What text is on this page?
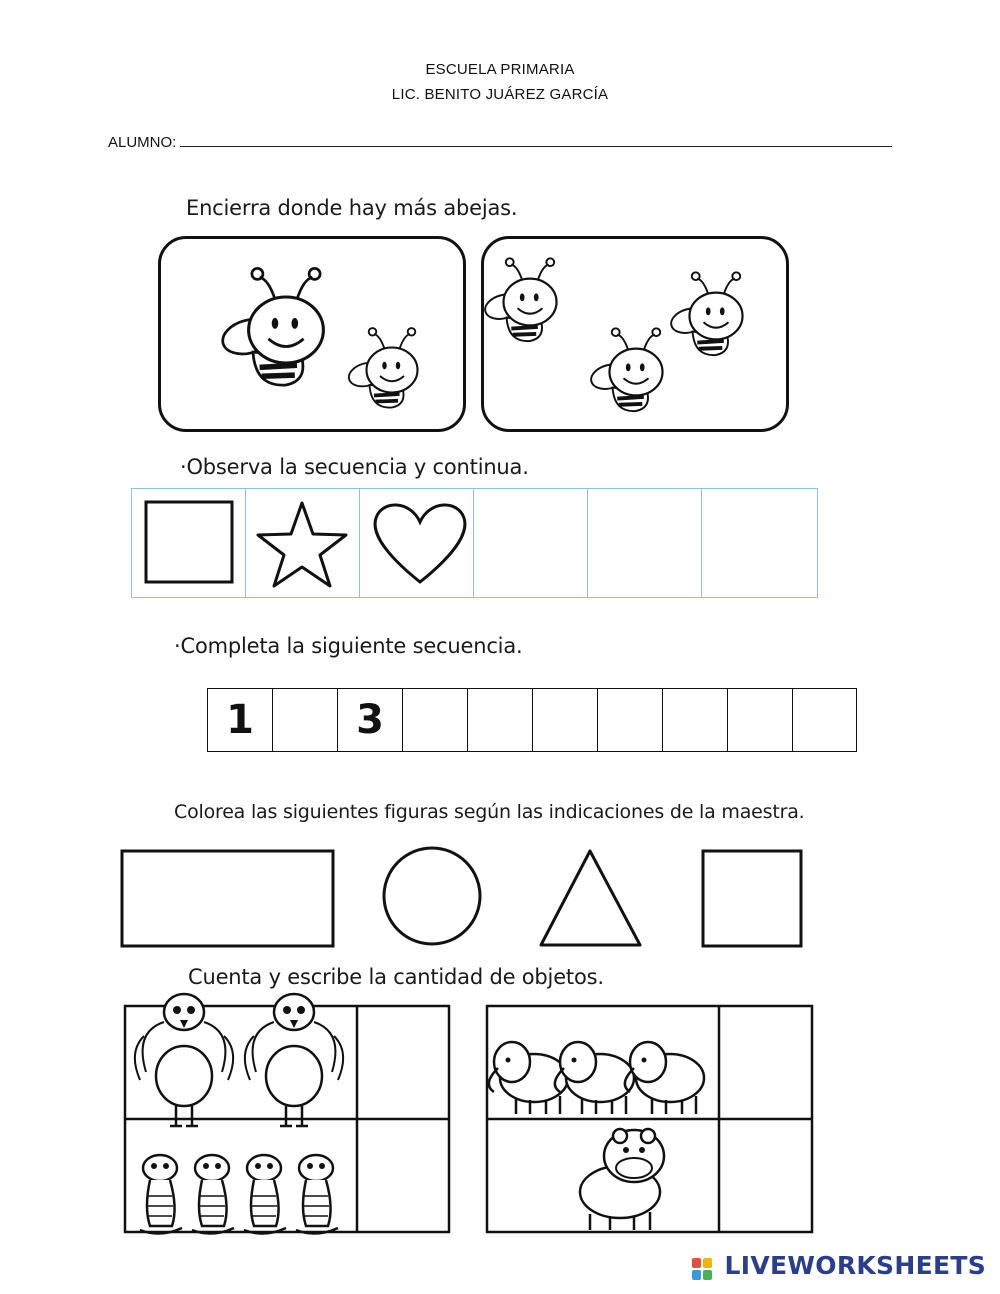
ESCUELA PRIMARIA
LIC. BENITO JUÁREZ GARCÍA
ALUMNO:
Encierra donde hay más abejas.
·Observa la secuencia y continua.
·Completa la siguiente secuencia.
1	3
Colorea las siguientes figuras según las indicaciones de la maestra.
Cuenta y escribe la cantidad de objetos.
LIVEWORKSHEETS
